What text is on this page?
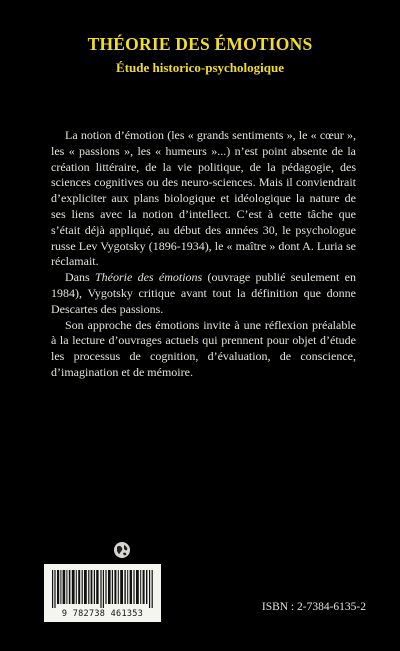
THÉORIE DES ÉMOTIONS
Étude historico-psychologique

La notion d’émotion (les « grands sentiments », le « cœur », les « passions », les « humeurs »...) n’est point absente de la création littéraire, de la vie politique, de la pédagogie, des sciences cognitives ou des neuro-sciences. Mais il conviendrait d’expliciter aux plans biologique et idéologique la nature de ses liens avec la notion d’intellect. C’est à cette tâche que s’était déjà appliqué, au début des années 30, le psychologue russe Lev Vygotsky (1896-1934), le « maître » dont A. Luria se réclamait.

Dans Théorie des émotions (ouvrage publié seulement en 1984), Vygotsky critique avant tout la définition que donne Descartes des passions.

Son approche des émotions invite à une réflexion préalable à la lecture d’ouvrages actuels qui prennent pour objet d’étude les processus de cognition, d’évaluation, de conscience, d’imagination et de mémoire.

9 782738 461353
ISBN : 2-7384-6135-2
